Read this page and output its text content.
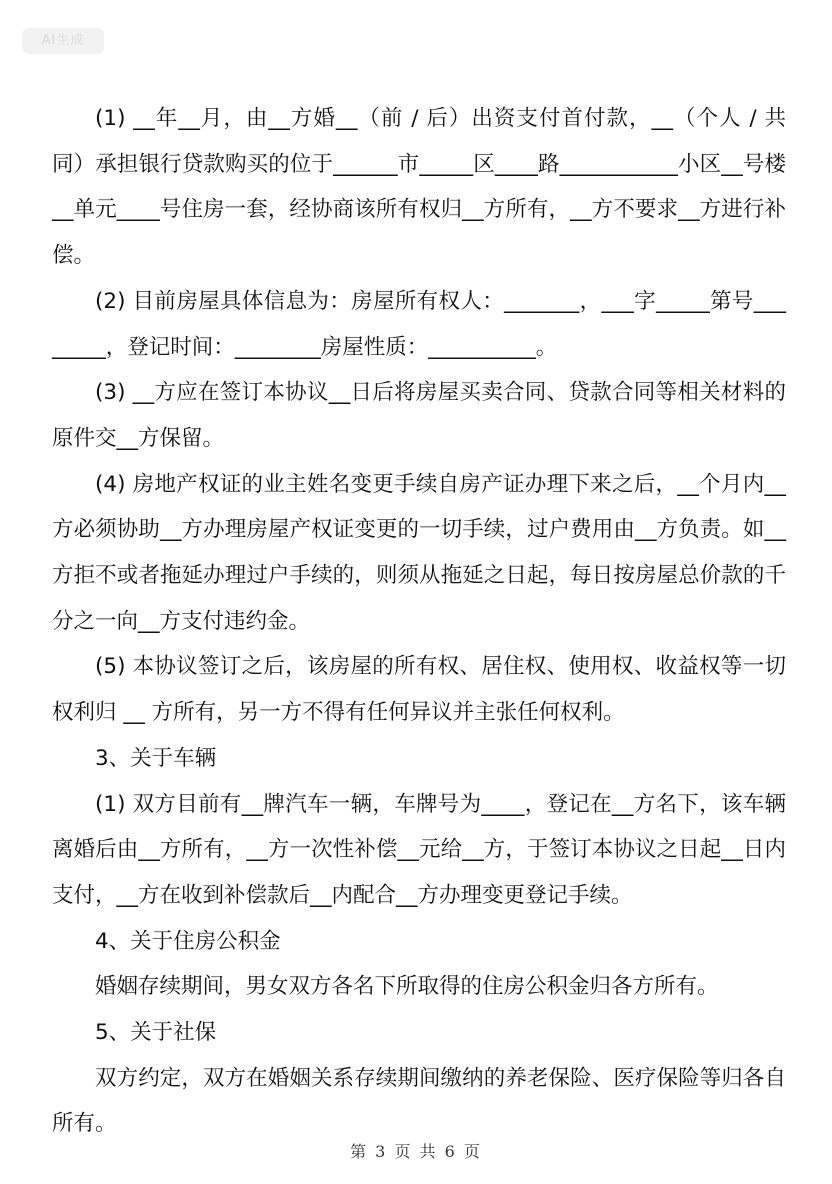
AI生成

(1) __年__月，由__方婚__（前 / 后）出资支付首付款，__（个人 / 共同）承担银行贷款购买的位于______市_____区____路___________小区__号楼__单元____号住房一套，经协商该所有权归__方所有，__方不要求__方进行补偿。

(2) 目前房屋具体信息为：房屋所有权人：_______，___字_____第号________，登记时间：________房屋性质：__________。

(3) __方应在签订本协议__日后将房屋买卖合同、贷款合同等相关材料的原件交__方保留。

(4) 房地产权证的业主姓名变更手续自房产证办理下来之后，__个月内__方必须协助__方办理房屋产权证变更的一切手续，过户费用由__方负责。如__方拒不或者拖延办理过户手续的，则须从拖延之日起，每日按房屋总价款的千分之一向__方支付违约金。

(5) 本协议签订之后，该房屋的所有权、居住权、使用权、收益权等一切权利归 __ 方所有，另一方不得有任何异议并主张任何权利。

3、关于车辆

(1) 双方目前有__牌汽车一辆，车牌号为____，登记在__方名下，该车辆离婚后由__方所有，__方一次性补偿__元给__方，于签订本协议之日起__日内支付，__方在收到补偿款后__内配合__方办理变更登记手续。

4、关于住房公积金

婚姻存续期间，男女双方各名下所取得的住房公积金归各方所有。

5、关于社保

双方约定，双方在婚姻关系存续期间缴纳的养老保险、医疗保险等归各自所有。

第 3 页 共 6 页
